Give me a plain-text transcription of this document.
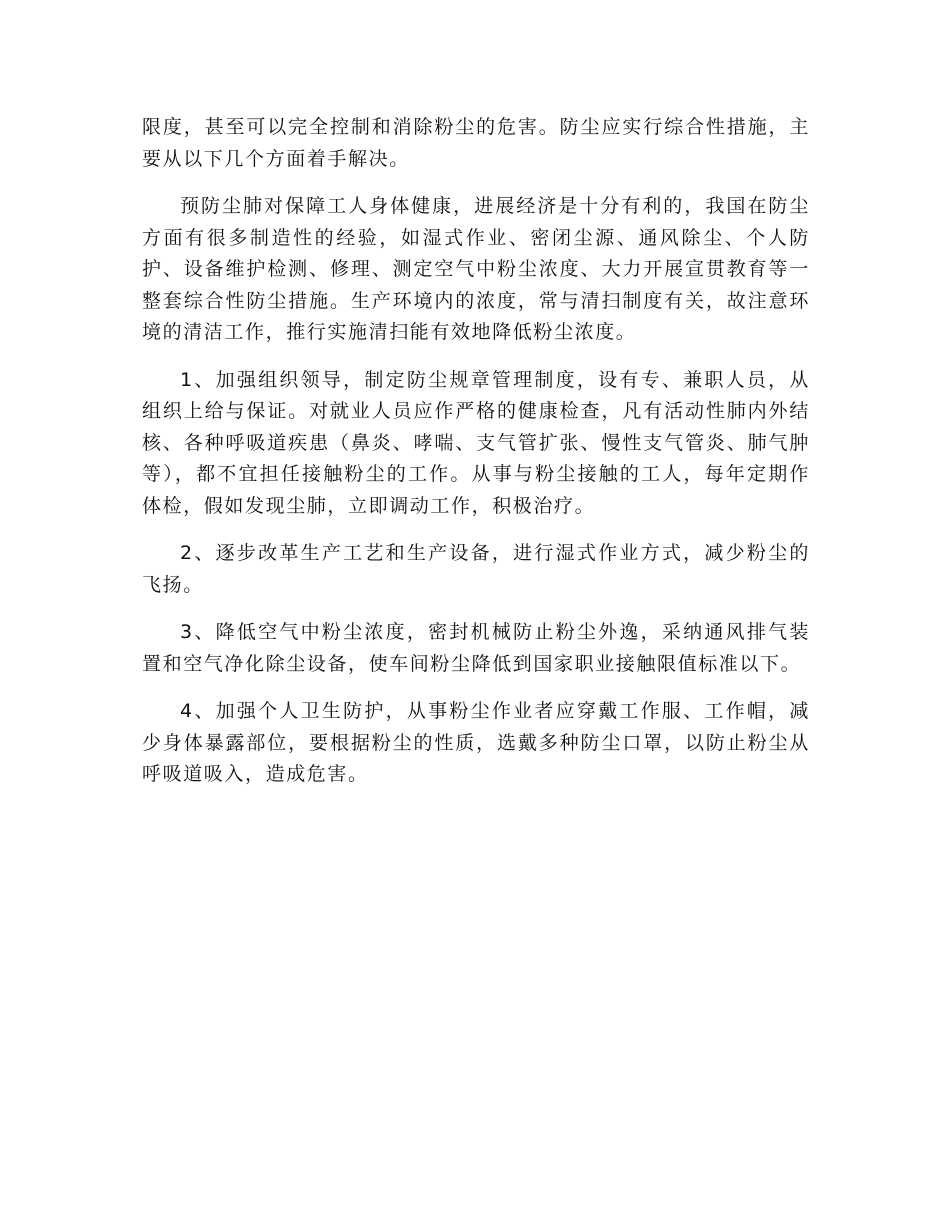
限度，甚至可以完全控制和消除粉尘的危害。防尘应实行综合性措施，主要从以下几个方面着手解决。

预防尘肺对保障工人身体健康，进展经济是十分有利的，我国在防尘方面有很多制造性的经验，如湿式作业、密闭尘源、通风除尘、个人防护、设备维护检测、修理、测定空气中粉尘浓度、大力开展宣贯教育等一整套综合性防尘措施。生产环境内的浓度，常与清扫制度有关，故注意环境的清洁工作，推行实施清扫能有效地降低粉尘浓度。

1、加强组织领导，制定防尘规章管理制度，设有专、兼职人员，从组织上给与保证。对就业人员应作严格的健康检查，凡有活动性肺内外结核、各种呼吸道疾患（鼻炎、哮喘、支气管扩张、慢性支气管炎、肺气肿等），都不宜担任接触粉尘的工作。从事与粉尘接触的工人，每年定期作体检，假如发现尘肺，立即调动工作，积极治疗。

2、逐步改革生产工艺和生产设备，进行湿式作业方式，减少粉尘的飞扬。

3、降低空气中粉尘浓度，密封机械防止粉尘外逸，采纳通风排气装置和空气净化除尘设备，使车间粉尘降低到国家职业接触限值标准以下。

4、加强个人卫生防护，从事粉尘作业者应穿戴工作服、工作帽，减少身体暴露部位，要根据粉尘的性质，选戴多种防尘口罩，以防止粉尘从呼吸道吸入，造成危害。
